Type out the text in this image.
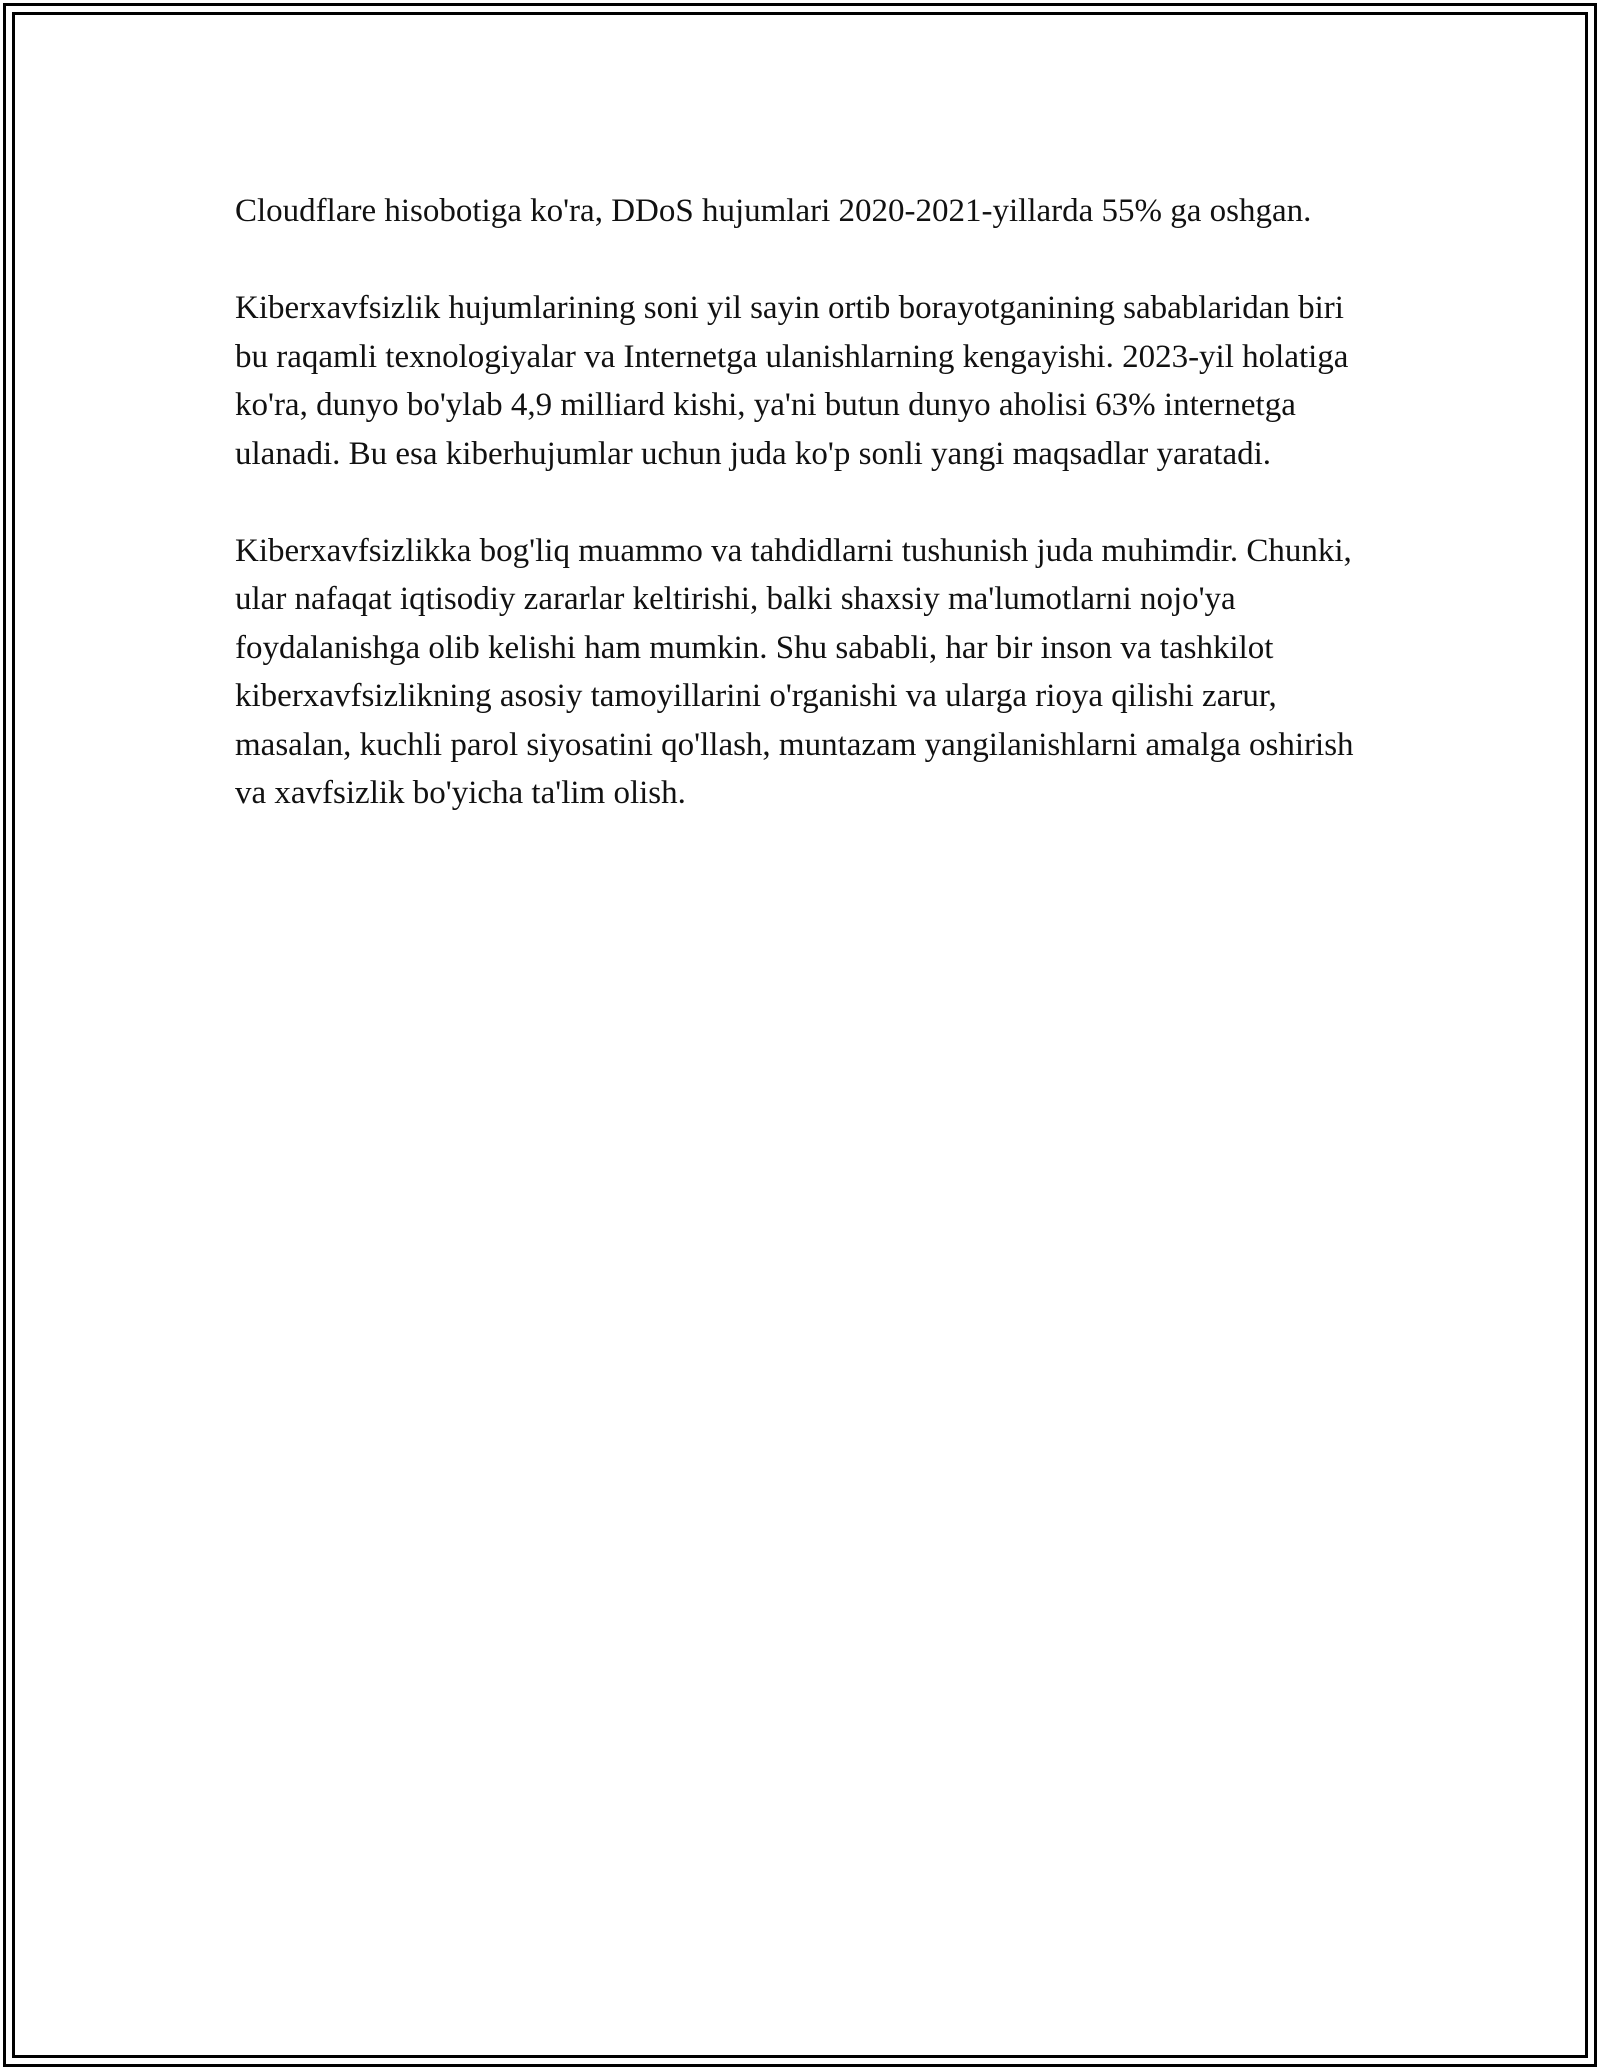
Cloudflare hisobotiga ko'ra, DDoS hujumlari 2020-2021-yillarda 55% ga oshgan.

Kiberxavfsizlik hujumlarining soni yil sayin ortib borayotganining sabablaridan biri bu raqamli texnologiyalar va Internetga ulanishlarning kengayishi. 2023-yil holatiga ko'ra, dunyo bo'ylab 4,9 milliard kishi, ya'ni butun dunyo aholisi 63% internetga ulanadi. Bu esa kiberhujumlar uchun juda ko'p sonli yangi maqsadlar yaratadi.

Kiberxavfsizlikka bog'liq muammo va tahdidlarni tushunish juda muhimdir. Chunki, ular nafaqat iqtisodiy zararlar keltirishi, balki shaxsiy ma'lumotlarni nojo'ya foydalanishga olib kelishi ham mumkin. Shu sababli, har bir inson va tashkilot kiberxavfsizlikning asosiy tamoyillarini o'rganishi va ularga rioya qilishi zarur, masalan, kuchli parol siyosatini qo'llash, muntazam yangilanishlarni amalga oshirish va xavfsizlik bo'yicha ta'lim olish.
